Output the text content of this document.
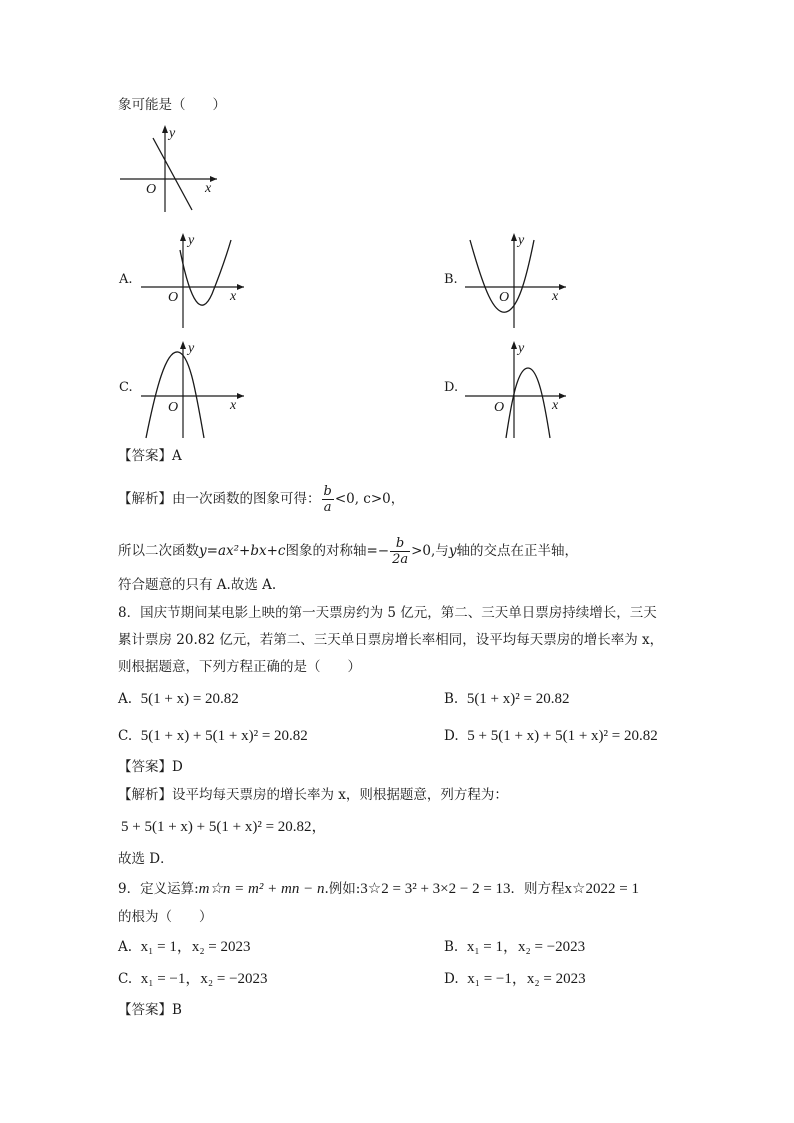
象可能是（　　）
y
x
O
A.
y
x
O
B.
y
x
O
C.
y
x
O
D.
y
x
O
【答案】A
【解析】由一次函数的图象可得： $\frac{b}{a} <0$, c>0，
所以二次函数y=ax²+bx+c图象的对称轴=− $\frac{b}{2a} >0$,与y轴的交点在正半轴，
符合题意的只有 A.故选 A.
8．国庆节期间某电影上映的第一天票房约为 5 亿元，第二、三天单日票房持续增长，三天
累计票房 20.82 亿元，若第二、三天单日票房增长率相同，设平均每天票房的增长率为 x，
则根据题意，下列方程正确的是（　　）
A. 5(1 + x) = 20.82	B. 5(1 + x)² = 20.82
C. 5(1 + x) + 5(1 + x)² = 20.82	D. 5 + 5(1 + x) + 5(1 + x)² = 20.82
【答案】D
【解析】设平均每天票房的增长率为 x，则根据题意，列方程为：
5 + 5(1 + x) + 5(1 + x)² = 20.82，
故选 D．
9．定义运算:m☆n = m² + mn − n.例如:3☆2 = 3² + 3×2 − 2 = 13．则方程x☆2022 = 1
的根为（　　）
A. x₁ = 1，x₂ = 2023	B. x₁ = 1，x₂ = −2023
C. x₁ = −1，x₂ = −2023	D. x₁ = −1，x₂ = 2023
【答案】B
